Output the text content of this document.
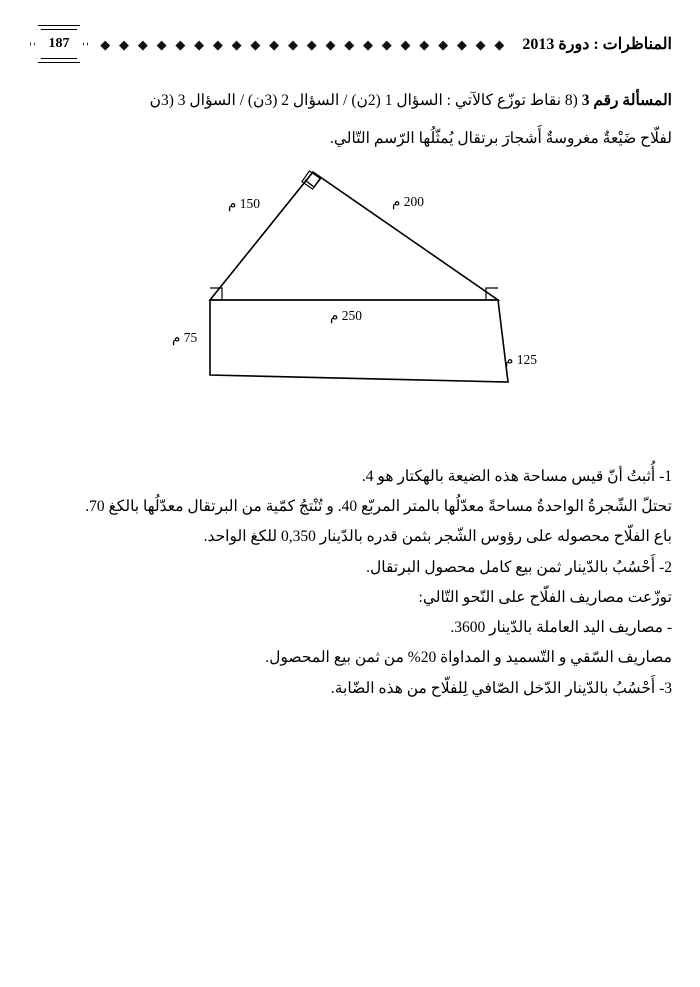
187	◆
◆
◆
◆
◆
◆
◆
◆
◆
◆
◆
◆
◆
◆
◆
◆
◆
◆
◆
◆
◆
◆	المناظرات : دورة 2013
المسألة رقم 3 (8 نقاط توزّع كالآتي : السؤال 1 (2ن) / السؤال 2 (3ن) / السؤال 3 (3ن
لفلّاح ضَيْعةٌ مغروسةٌ أَشجارَ برتقال يُمثّلُها الرّسم التّالي.
150 م	200 م
250 م
75 م
125 م

1- أُثبتُ أنّ قيس مساحة هذه الضيعة بالهكتار هو 4.

تحتلّ الشّجرةُ الواحدةُ مساحةً معدّلُها بالمتر المربّع 40. و تُنْتجُ كمّية من البرتقال معدّلُها بالكغ 70.

باع الفلّاح محصوله على رؤوس الشّجر بثمن قدره بالدّينار 0,350 للكغ الواحد.

2- أَحْسُبُ بالدّينار ثمن بيع كامل محصول البرتقال.

توزّعت مصاريف الفلّاح على النّحو التّالي:

- مصاريف اليد العاملة بالدّينار 3600.

مصاريف السّقي و التّسميد و المداواة 20% من ثمن بيع المحصول.

3- أَحْسُبُ بالدّينار الدّخل الصّافي لِلفلّاح من هذه الضّابة.
